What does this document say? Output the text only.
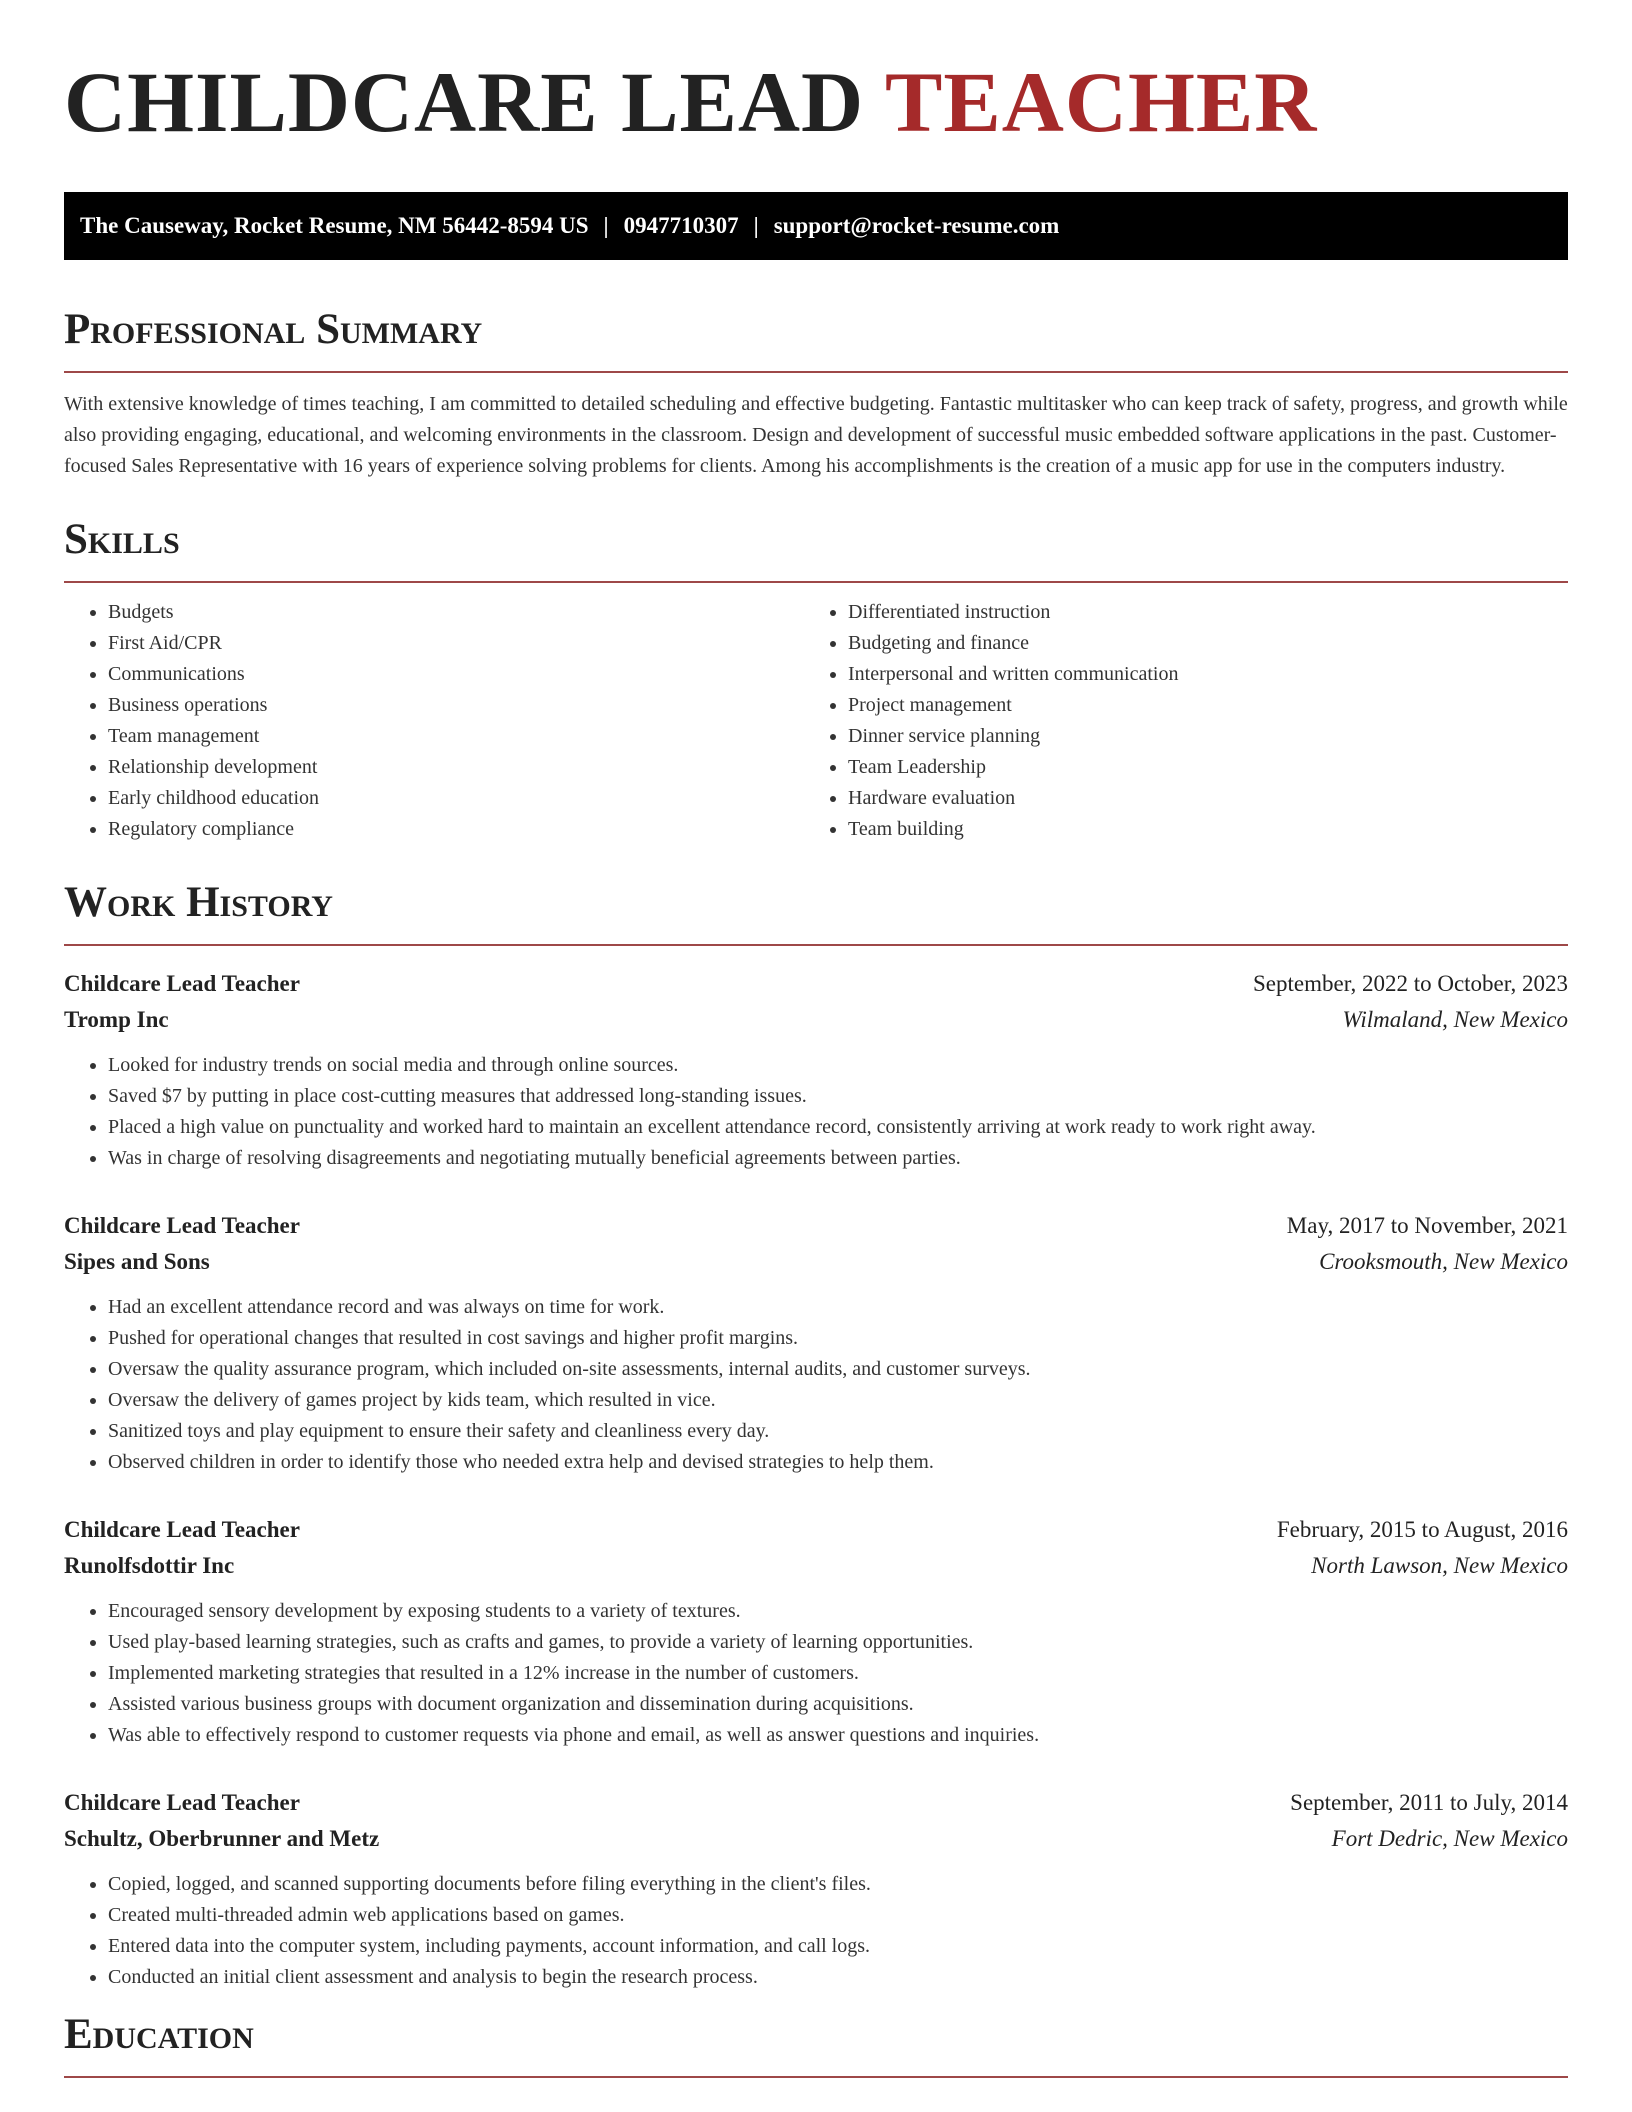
CHILDCARE LEAD TEACHER
The Causeway, Rocket Resume, NM 56442-8594 US | 0947710307 | support@rocket-resume.com
Professional Summary

With extensive knowledge of times teaching, I am committed to detailed scheduling and effective budgeting. Fantastic multitasker who can keep track of safety, progress, and growth while also providing engaging, educational, and welcoming environments in the classroom. Design and development of successful music embedded software applications in the past. Customer-focused Sales Representative with 16 years of experience solving problems for clients. Among his accomplishments is the creation of a music app for use in the computers industry.

Skills
• Budgets
• First Aid/CPR
• Communications
• Business operations
• Team management
• Relationship development
• Early childhood education
• Regulatory compliance
• Differentiated instruction
• Budgeting and finance
• Interpersonal and written communication
• Project management
• Dinner service planning
• Team Leadership
• Hardware evaluation
• Team building
Work History
Childcare Lead Teacher	September, 2022 to October, 2023
Tromp Inc	Wilmaland, New Mexico
• Looked for industry trends on social media and through online sources.
• Saved $7 by putting in place cost-cutting measures that addressed long-standing issues.
• Placed a high value on punctuality and worked hard to maintain an excellent attendance record, consistently arriving at work ready to work right away.
• Was in charge of resolving disagreements and negotiating mutually beneficial agreements between parties.
Childcare Lead Teacher	May, 2017 to November, 2021
Sipes and Sons	Crooksmouth, New Mexico
• Had an excellent attendance record and was always on time for work.
• Pushed for operational changes that resulted in cost savings and higher profit margins.
• Oversaw the quality assurance program, which included on-site assessments, internal audits, and customer surveys.
• Oversaw the delivery of games project by kids team, which resulted in vice.
• Sanitized toys and play equipment to ensure their safety and cleanliness every day.
• Observed children in order to identify those who needed extra help and devised strategies to help them.
Childcare Lead Teacher	February, 2015 to August, 2016
Runolfsdottir Inc	North Lawson, New Mexico
• Encouraged sensory development by exposing students to a variety of textures.
• Used play-based learning strategies, such as crafts and games, to provide a variety of learning opportunities.
• Implemented marketing strategies that resulted in a 12% increase in the number of customers.
• Assisted various business groups with document organization and dissemination during acquisitions.
• Was able to effectively respond to customer requests via phone and email, as well as answer questions and inquiries.
Childcare Lead Teacher	September, 2011 to July, 2014
Schultz, Oberbrunner and Metz	Fort Dedric, New Mexico
• Copied, logged, and scanned supporting documents before filing everything in the client's files.
• Created multi-threaded admin web applications based on games.
• Entered data into the computer system, including payments, account information, and call logs.
• Conducted an initial client assessment and analysis to begin the research process.
Education
